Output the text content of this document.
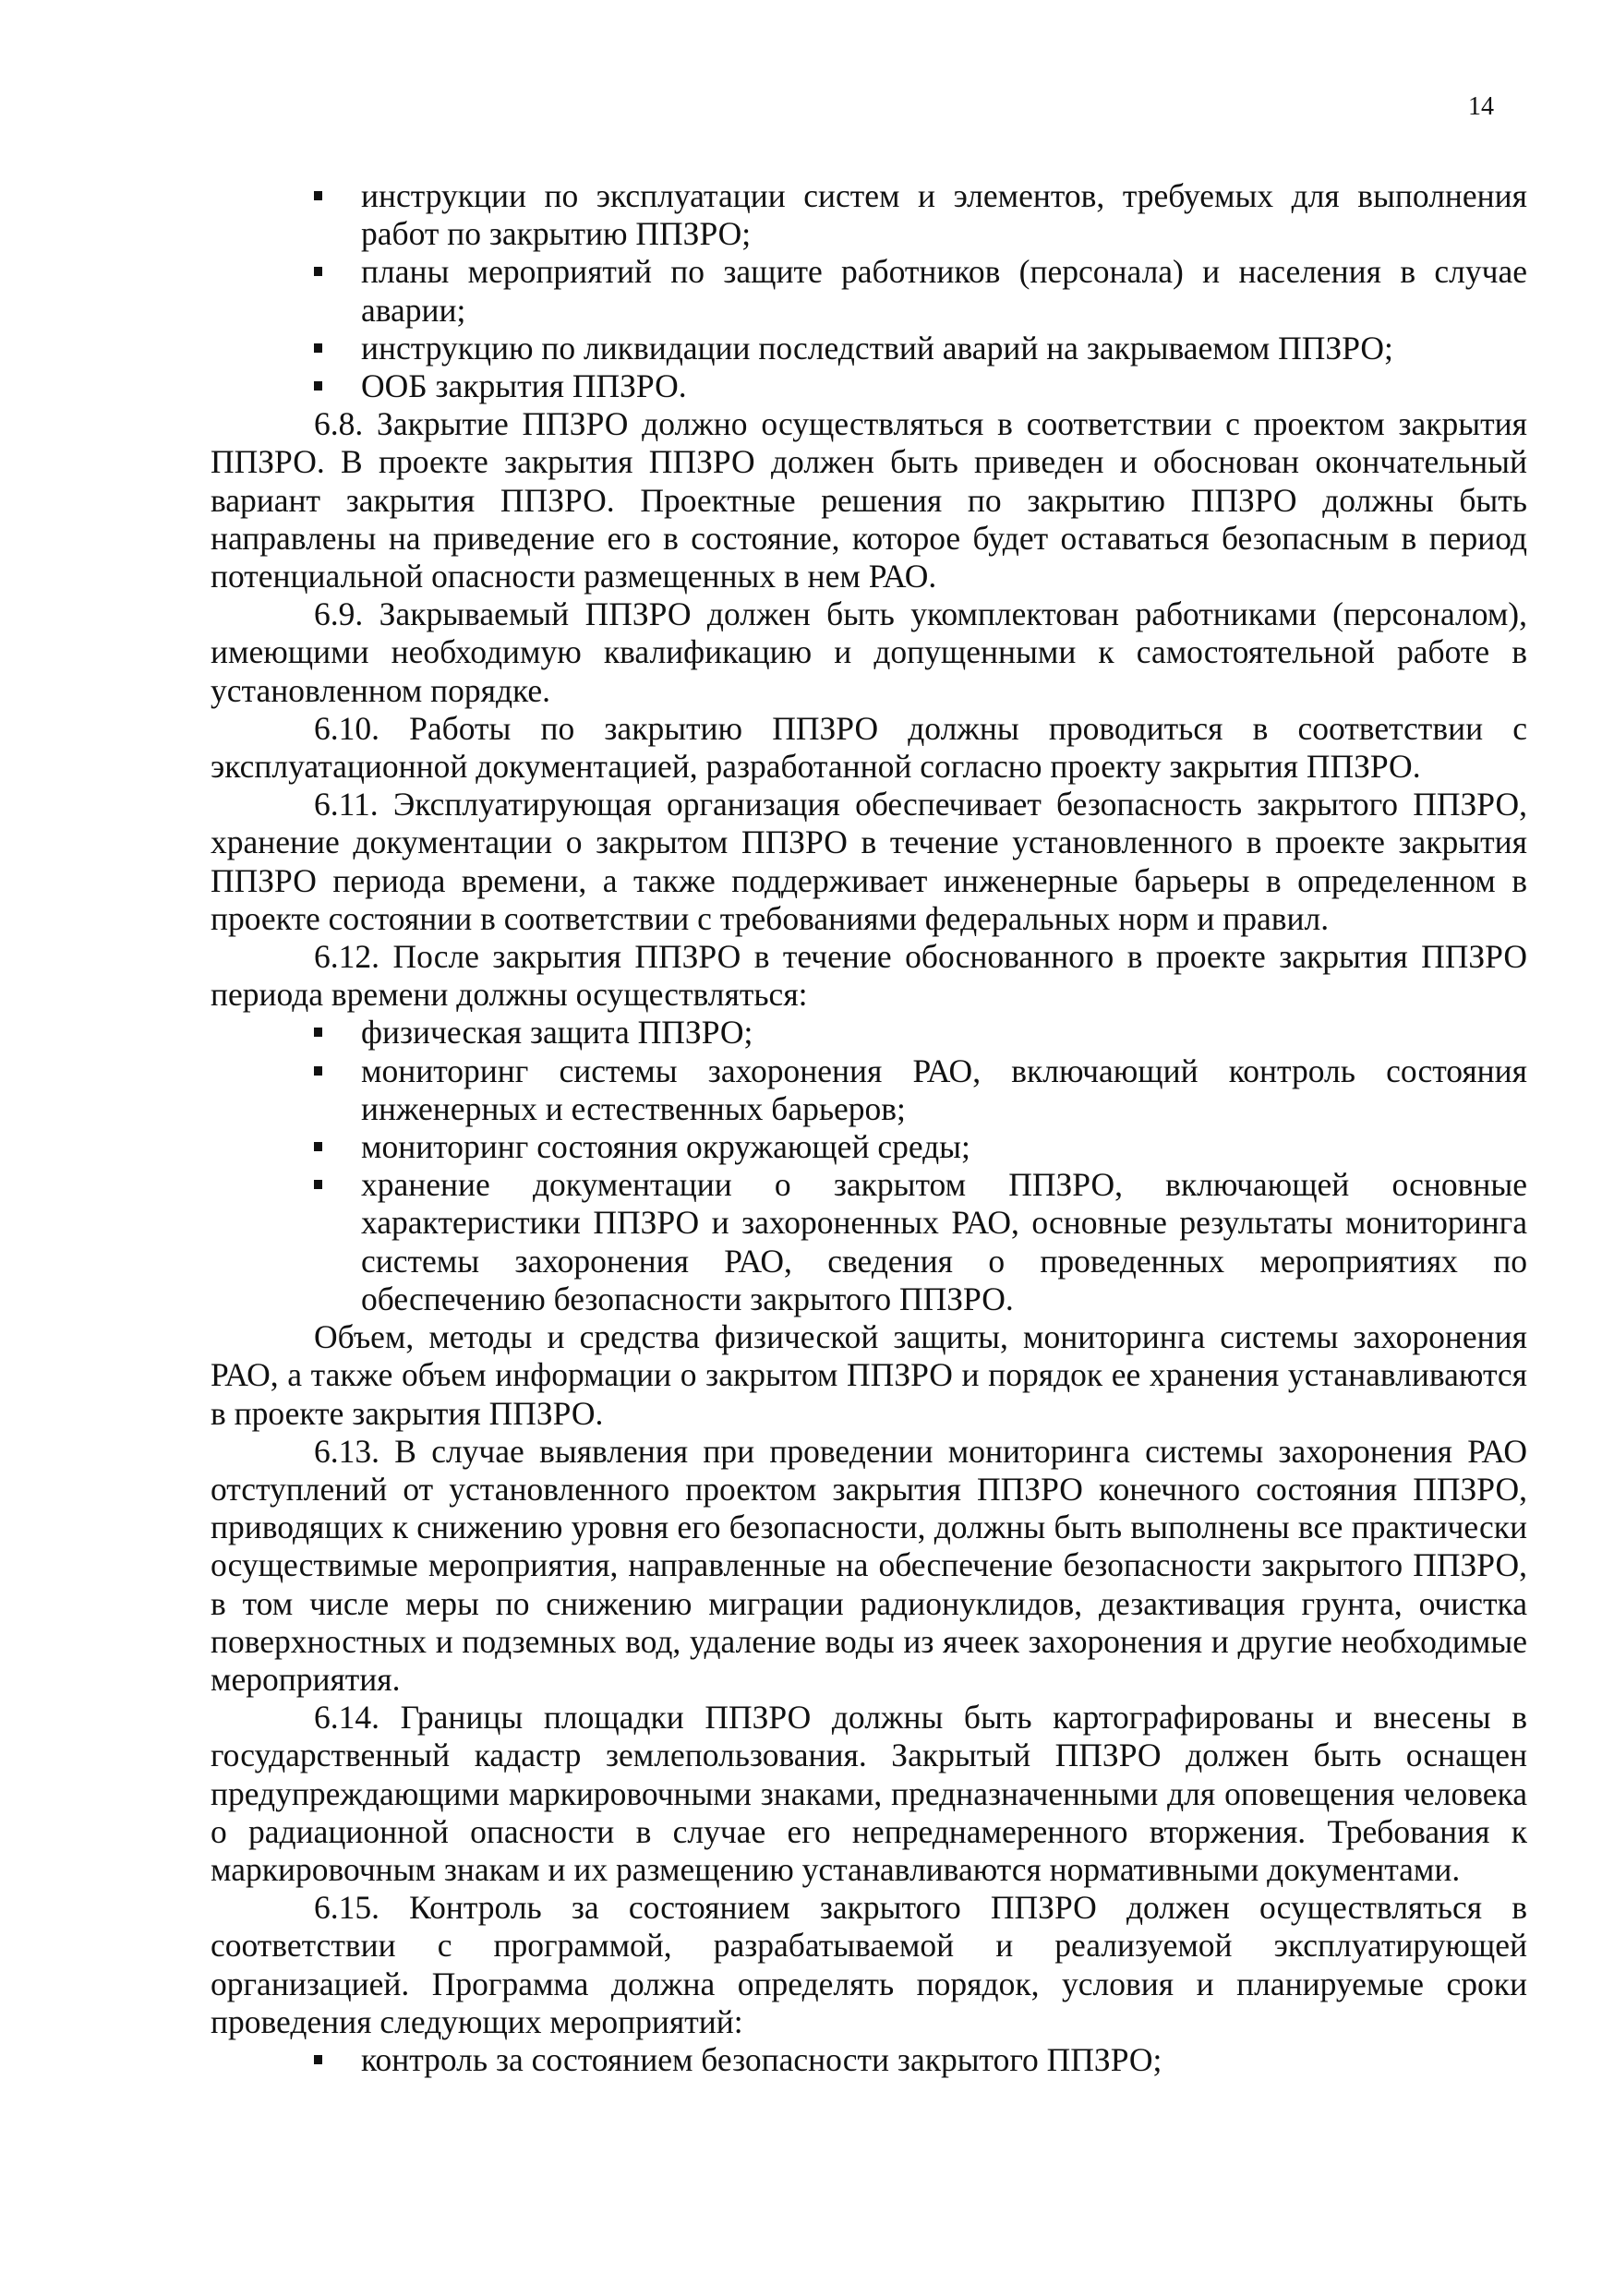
14
инструкции по эксплуатации систем и элементов, требуемых для выполнения работ по закрытию ППЗРО;
планы мероприятий по защите работников (персонала) и населения в случае аварии;
инструкцию по ликвидации последствий аварий на закрываемом ППЗРО;
ООБ закрытия ППЗРО.

6.8. Закрытие ППЗРО должно осуществляться в соответствии с проектом закрытия ППЗРО. В проекте закрытия ППЗРО должен быть приведен и обоснован окончательный вариант закрытия ППЗРО. Проектные решения по закрытию ППЗРО должны быть направлены на приведение его в состояние, которое будет оставаться безопасным в период потенциальной опасности размещенных в нем РАО.

6.9. Закрываемый ППЗРО должен быть укомплектован работниками (персоналом), имеющими необходимую квалификацию и допущенными к самостоятельной работе в установленном порядке.

6.10. Работы по закрытию ППЗРО должны проводиться в соответствии с эксплуатационной документацией, разработанной согласно проекту закрытия ППЗРО.

6.11. Эксплуатирующая организация обеспечивает безопасность закрытого ППЗРО, хранение документации о закрытом ППЗРО в течение установленного в проекте закрытия ППЗРО периода времени, а также поддерживает инженерные барьеры в определенном в проекте состоянии в соответствии с требованиями федеральных норм и правил.

6.12. После закрытия ППЗРО в течение обоснованного в проекте закрытия ППЗРО периода времени должны осуществляться:

физическая защита ППЗРО;
мониторинг системы захоронения РАО, включающий контроль состояния инженерных и естественных барьеров;
мониторинг состояния окружающей среды;
хранение документации о закрытом ППЗРО, включающей основные характеристики ППЗРО и захороненных РАО, основные результаты мониторинга системы захоронения РАО, сведения о проведенных мероприятиях по обеспечению безопасности закрытого ППЗРО.

Объем, методы и средства физической защиты, мониторинга системы захоронения РАО, а также объем информации о закрытом ППЗРО и порядок ее хранения устанавливаются в проекте закрытия ППЗРО.

6.13. В случае выявления при проведении мониторинга системы захоронения РАО отступлений от установленного проектом закрытия ППЗРО конечного состояния ППЗРО, приводящих к снижению уровня его безопасности, должны быть выполнены все практически осуществимые мероприятия, направленные на обеспечение безопасности закрытого ППЗРО, в том числе меры по снижению миграции радионуклидов, дезактивация грунта, очистка поверхностных и подземных вод, удаление воды из ячеек захоронения и другие необходимые мероприятия.

6.14. Границы площадки ППЗРО должны быть картографированы и внесены в государственный кадастр землепользования. Закрытый ППЗРО должен быть оснащен предупреждающими маркировочными знаками, предназначенными для оповещения человека о радиационной опасности в случае его непреднамеренного вторжения. Требования к маркировочным знакам и их размещению устанавливаются нормативными документами.

6.15. Контроль за состоянием закрытого ППЗРО должен осуществляться в соответствии с программой, разрабатываемой и реализуемой эксплуатирующей организацией. Программа должна определять порядок, условия и планируемые сроки проведения следующих мероприятий:

контроль за состоянием безопасности закрытого ППЗРО;
